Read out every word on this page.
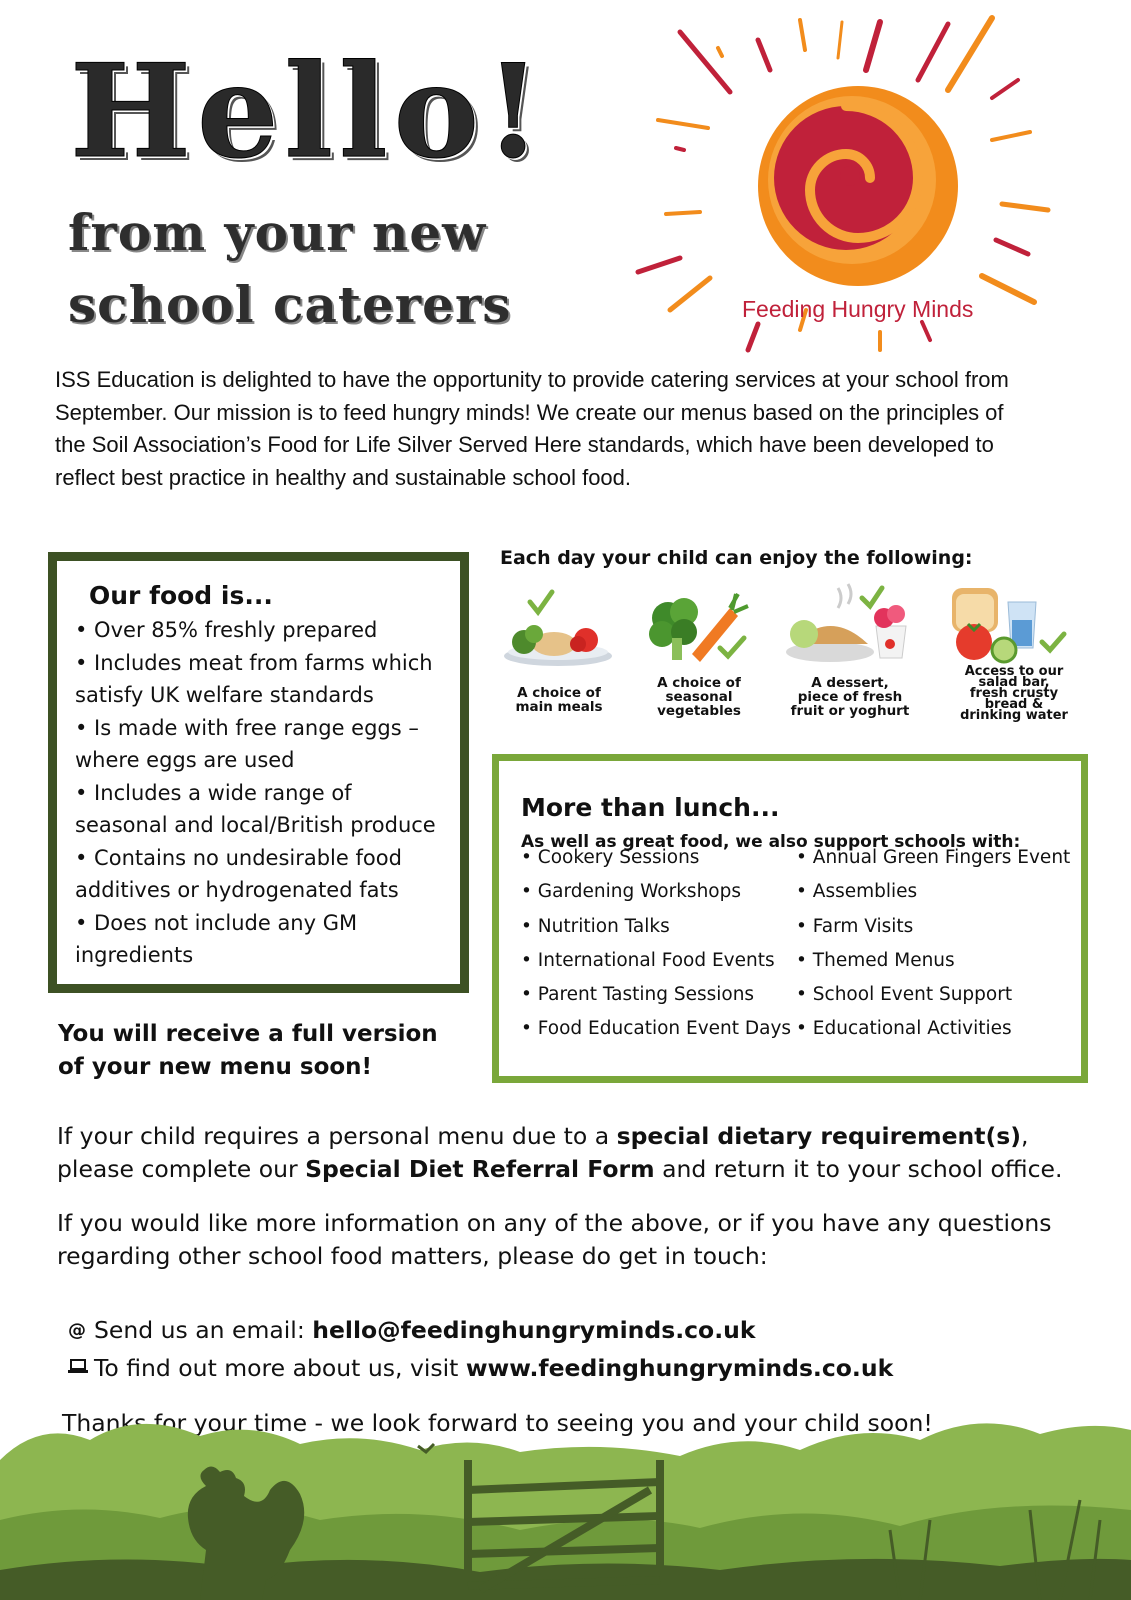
Hello!
from your new
school caterers	Feeding Hungry Minds
ISS Education is delighted to have the opportunity to provide catering services at your school from September. Our mission is to feed hungry minds! We create our menus based on the principles of the Soil Association’s Food for Life Silver Served Here standards, which have been developed to reflect best practice in healthy and sustainable school food.
Our food is...
• Over 85% freshly prepared
• Includes meat from farms which satisfy UK welfare standards
• Is made with free range eggs – where eggs are used
• Includes a wide range of seasonal and local/British produce
• Contains no undesirable food additives or hydrogenated fats
• Does not include any GM ingredients
Each day your child can enjoy the following:
A choice of main meals
A choice of seasonal vegetables
A dessert, piece of fresh fruit or yoghurt
Access to our salad bar, fresh crusty bread & drinking water
More than lunch...
As well as great food, we also support schools with:
• Cookery Sessions
• Gardening Workshops
• Nutrition Talks
• International Food Events
• Parent Tasting Sessions
• Food Education Event Days
• Annual Green Fingers Event
• Assemblies
• Farm Visits
• Themed Menus
• School Event Support
• Educational Activities
You will receive a full version
of your new menu soon!
If your child requires a personal menu due to a special dietary requirement(s), please complete our Special Diet Referral Form and return it to your school office.
If you would like more information on any of the above, or if you have any questions regarding other school food matters, please do get in touch:
@ Send us an email: hello@feedinghungryminds.co.uk
To find out more about us, visit www.feedinghungryminds.co.uk
Thanks for your time - we look forward to seeing you and your child soon!
